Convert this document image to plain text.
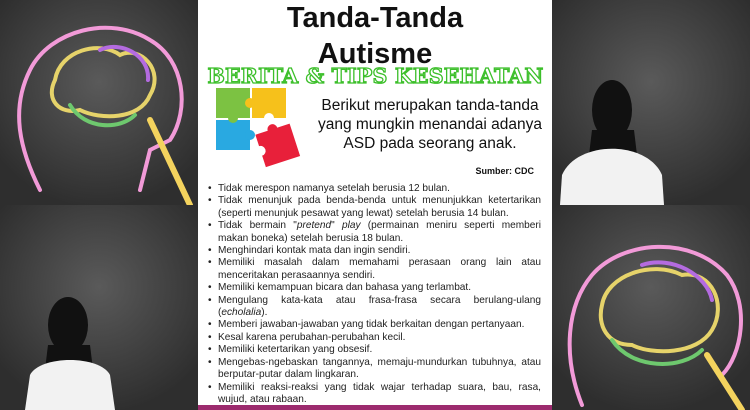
Tanda-Tanda
Autisme
BERITA & TIPS KESEHATAN
Berikut merupakan tanda-tanda yang mungkin menandai adanya ASD pada seorang anak.
Sumber: CDC
• Tidak merespon namanya setelah berusia 12 bulan.
• Tidak menunjuk pada benda-benda untuk menunjukkan ketertarikan (seperti menunjuk pesawat yang lewat) setelah berusia 14 bulan.
• Tidak bermain "pretend" play (permainan meniru seperti memberi makan boneka) setelah berusia 18 bulan.
• Menghindari kontak mata dan ingin sendiri.
• Memiliki masalah dalam memahami perasaan orang lain atau menceritakan perasaannya sendiri.
• Memiliki kemampuan bicara dan bahasa yang terlambat.
• Mengulang kata-kata atau frasa-frasa secara berulang-ulang (echolalia).
• Memberi jawaban-jawaban yang tidak berkaitan dengan pertanyaan.
• Kesal karena perubahan-perubahan kecil.
• Memiliki ketertarikan yang obsesif.
• Mengebas-ngebaskan tangannya, memaju-mundurkan tubuhnya, atau berputar-putar dalam lingkaran.
• Memiliki reaksi-reaksi yang tidak wajar terhadap suara, bau, rasa, wujud, atau rabaan.
